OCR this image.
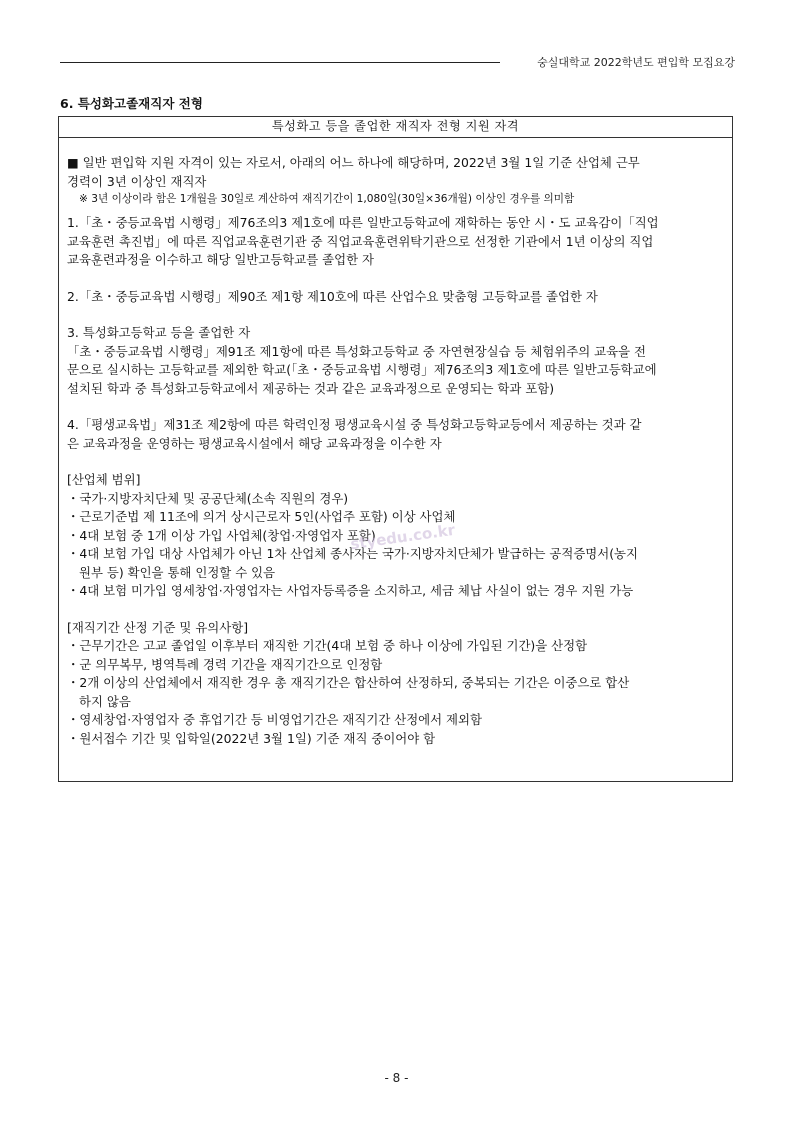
숭실대학교 2022학년도 편입학 모집요강
6. 특성화고졸재직자 전형
특성화고 등을 졸업한 재직자 전형 지원 자격

■ 일반 편입학 지원 자격이 있는 자로서, 아래의 어느 하나에 해당하며, 2022년 3월 1일 기준 산업체 근무

경력이 3년 이상인 재직자

※ 3년 이상이라 함은 1개월을 30일로 계산하여 재직기간이 1,080일(30일×36개월) 이상인 경우를 의미함

1.「초・중등교육법 시행령」제76조의3 제1호에 따른 일반고등학교에 재학하는 동안 시・도 교육감이「직업

교육훈련 촉진법」에 따른 직업교육훈련기관 중 직업교육훈련위탁기관으로 선정한 기관에서 1년 이상의 직업

교육훈련과정을 이수하고 해당 일반고등학교를 졸업한 자

2.「초・중등교육법 시행령」제90조 제1항 제10호에 따른 산업수요 맞춤형 고등학교를 졸업한 자

3. 특성화고등학교 등을 졸업한 자

「초・중등교육법 시행령」제91조 제1항에 따른 특성화고등학교 중 자연현장실습 등 체험위주의 교육을 전

문으로 실시하는 고등학교를 제외한 학교(「초・중등교육법 시행령」제76조의3 제1호에 따른 일반고등학교에

설치된 학과 중 특성화고등학교에서 제공하는 것과 같은 교육과정으로 운영되는 학과 포함)

4.「평생교육법」제31조 제2항에 따른 학력인정 평생교육시설 중 특성화고등학교등에서 제공하는 것과 같

은 교육과정을 운영하는 평생교육시설에서 해당 교육과정을 이수한 자

[산업체 범위]

・국가·지방자치단체 및 공공단체(소속 직원의 경우)

・근로기준법 제 11조에 의거 상시근로자 5인(사업주 포함) 이상 사업체

・4대 보험 중 1개 이상 가입 사업체(창업·자영업자 포함)

・4대 보험 가입 대상 사업체가 아닌 1차 산업체 종사자는 국가·지방자치단체가 발급하는 공적증명서(농지

원부 등) 확인을 통해 인정할 수 있음

・4대 보험 미가입 영세창업·자영업자는 사업자등록증을 소지하고, 세금 체납 사실이 없는 경우 지원 가능

[재직기간 산정 기준 및 유의사항]

・근무기간은 고교 졸업일 이후부터 재직한 기간(4대 보험 중 하나 이상에 가입된 기간)을 산정함

・군 의무복무, 병역특례 경력 기간을 재직기간으로 인정함

・2개 이상의 산업체에서 재직한 경우 총 재직기간은 합산하여 산정하되, 중복되는 기간은 이중으로 합산

하지 않음

・영세창업·자영업자 중 휴업기간 등 비영업기간은 재직기간 산정에서 제외함

・원서접수 기간 및 입학일(2022년 3월 1일) 기준 재직 중이어야 함

styedu.co.kr
- 8 -
